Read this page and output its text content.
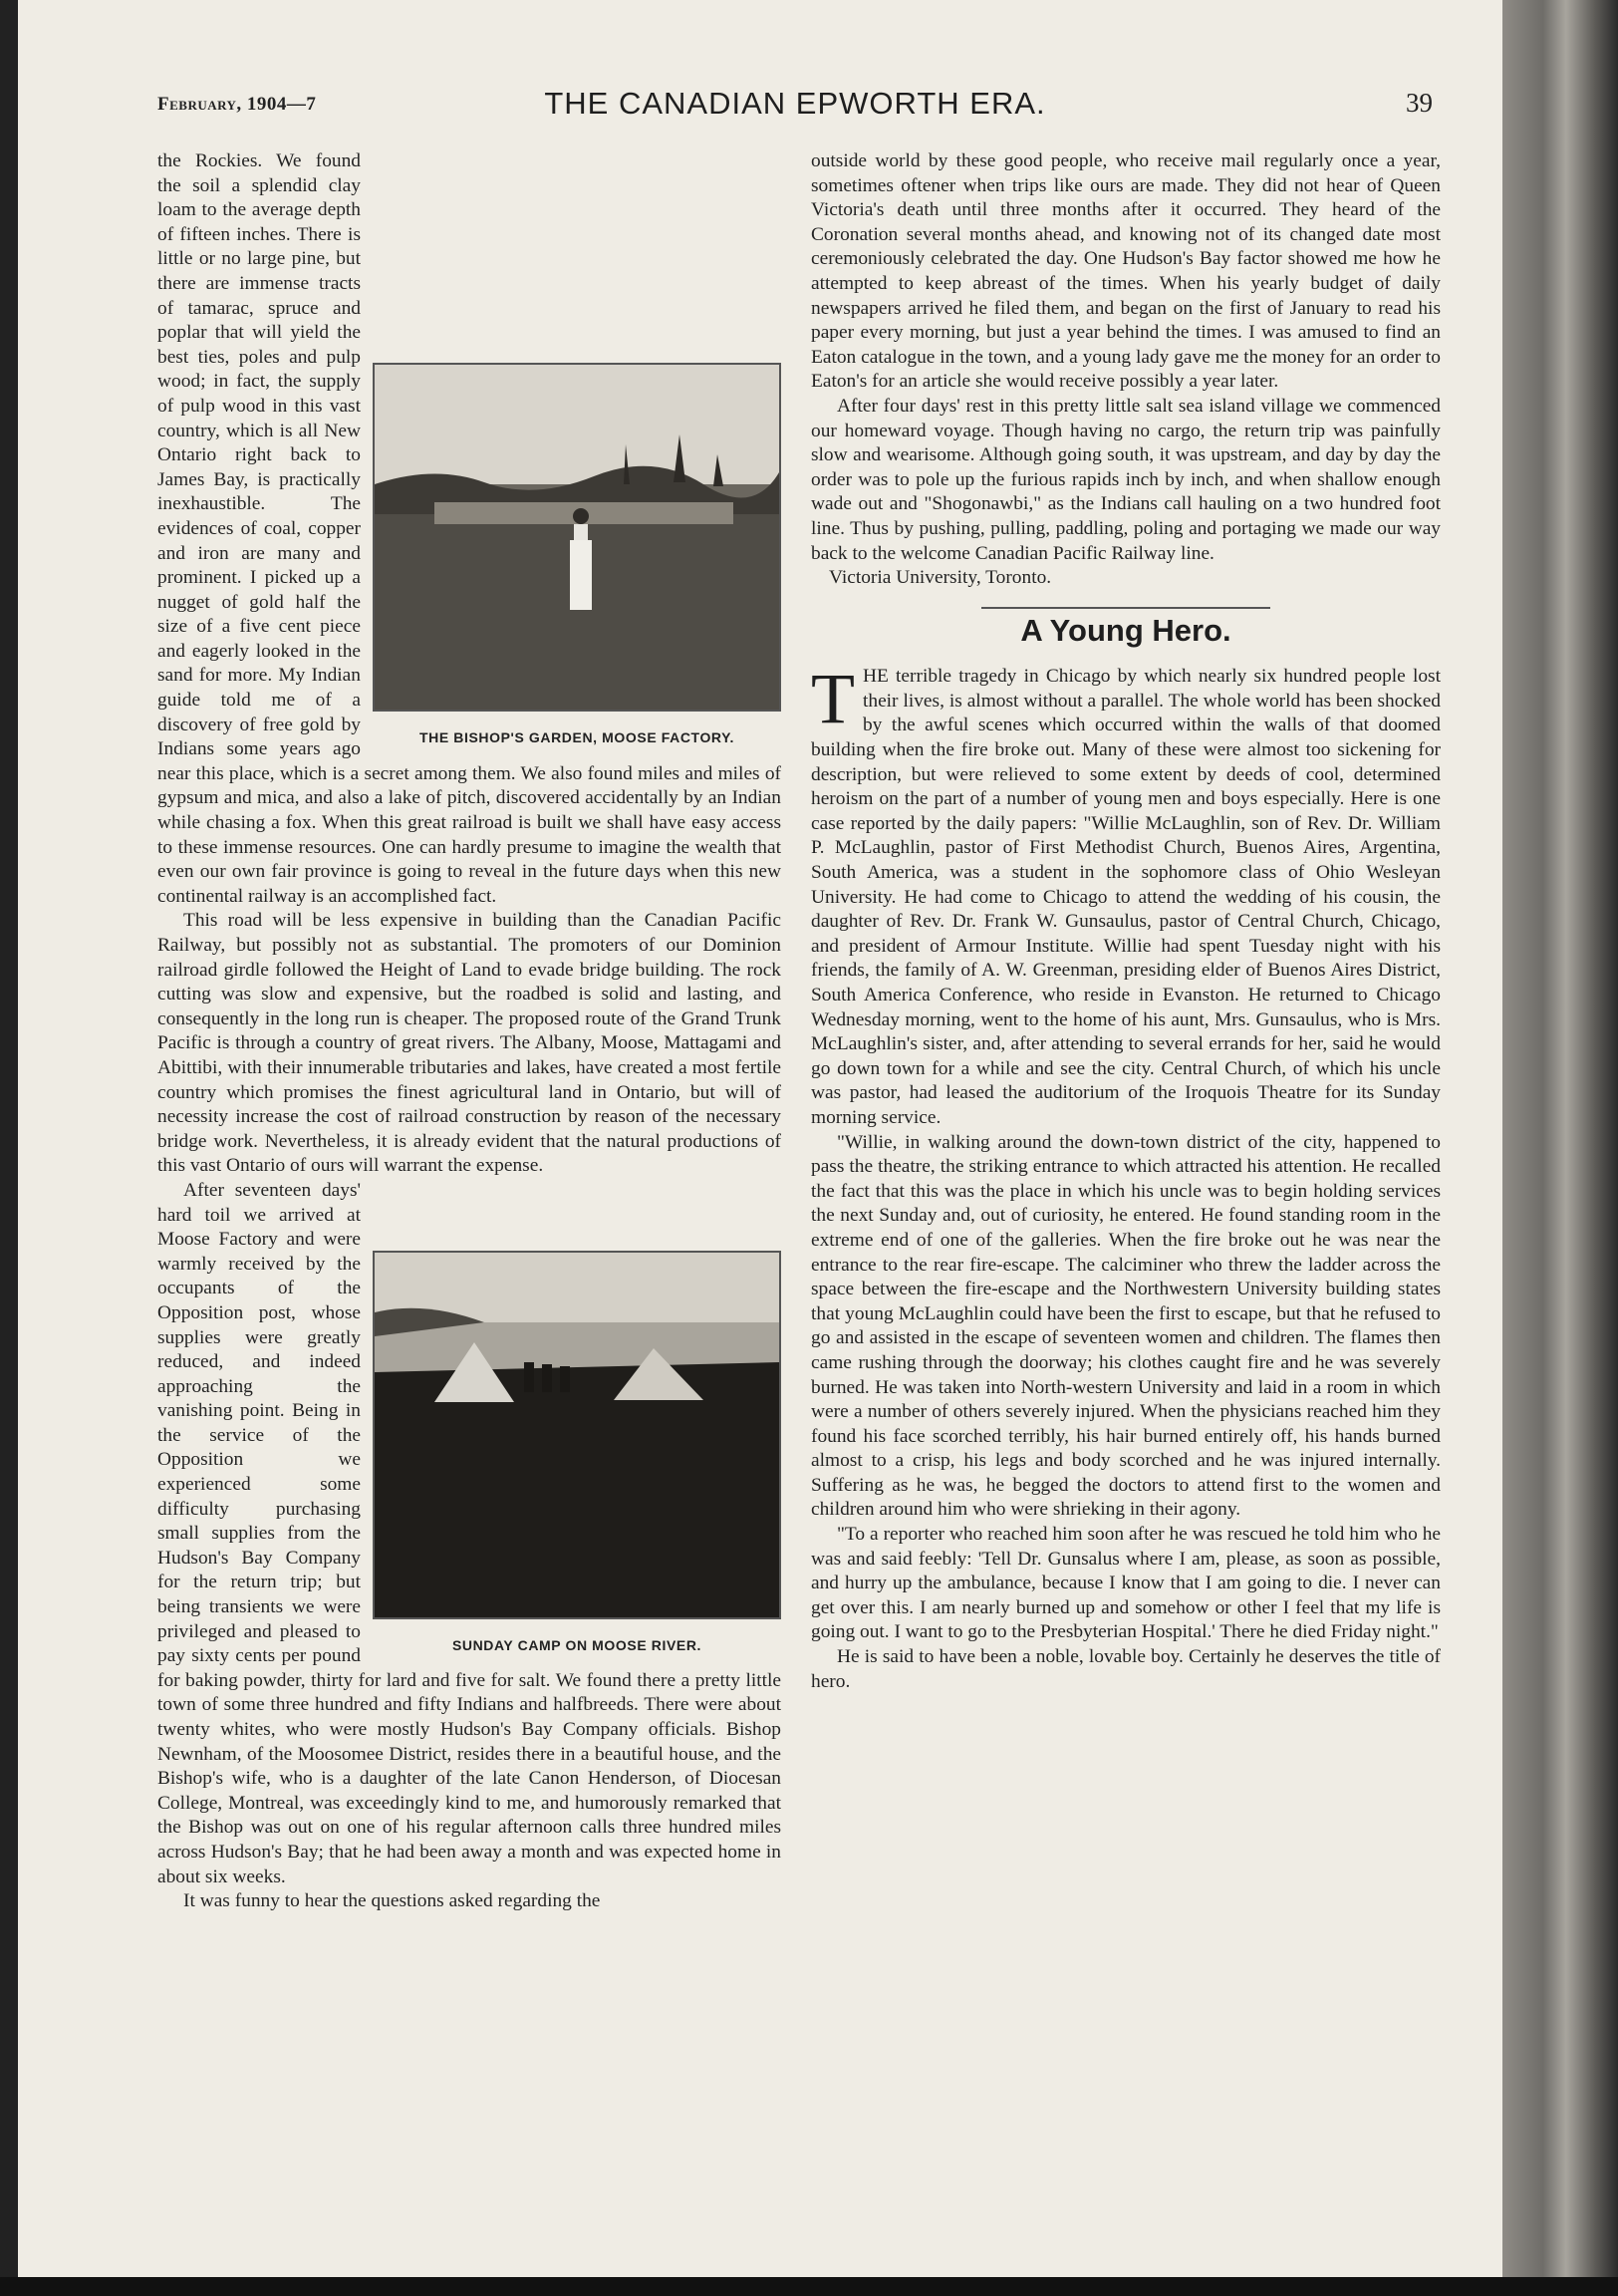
February, 1904—7	THE CANADIAN EPWORTH ERA.	39
THE BISHOP'S GARDEN, MOOSE FACTORY.

the Rockies. We found the soil a splendid clay loam to the average depth of fifteen inches. There is little or no large pine, but there are immense tracts of tamarac, spruce and poplar that will yield the best ties, poles and pulp wood; in fact, the supply of pulp wood in this vast country, which is all New Ontario right back to James Bay, is practically inexhaustible. The evidences of coal, copper and iron are many and prominent. I picked up a nugget of gold half the size of a five cent piece and eagerly looked in the sand for more. My Indian guide told me of a discovery of free gold by Indians some years ago near this place, which is a secret among them. We also found miles and miles of gypsum and mica, and also a lake of pitch, discovered accidentally by an Indian while chasing a fox. When this great railroad is built we shall have easy access to these immense resources. One can hardly presume to imagine the wealth that even our own fair province is going to reveal in the future days when this new continental railway is an accomplished fact.

This road will be less expensive in building than the Canadian Pacific Railway, but possibly not as substantial. The promoters of our Dominion railroad girdle followed the Height of Land to evade bridge building. The rock cutting was slow and expensive, but the roadbed is solid and lasting, and consequently in the long run is cheaper. The proposed route of the Grand Trunk Pacific is through a country of great rivers. The Albany, Moose, Mattagami and Abittibi, with their innumerable tributaries and lakes, have created a most fertile country which promises the finest agricultural land in Ontario, but will of necessity increase the cost of railroad construction by reason of the necessary bridge work. Nevertheless, it is already evident that the natural productions of this vast Ontario of ours will warrant the expense.

SUNDAY CAMP ON MOOSE RIVER.

After seventeen days' hard toil we arrived at Moose Factory and were warmly received by the occupants of the Opposition post, whose supplies were greatly reduced, and indeed approaching the vanishing point. Being in the service of the Opposition we experienced some difficulty purchasing small supplies from the Hudson's Bay Company for the return trip; but being transients we were privileged and pleased to pay sixty cents per pound for baking powder, thirty for lard and five for salt. We found there a pretty little town of some three hundred and fifty Indians and halfbreeds. There were about twenty whites, who were mostly Hudson's Bay Company officials. Bishop Newnham, of the Moosomee District, resides there in a beautiful house, and the Bishop's wife, who is a daughter of the late Canon Henderson, of Diocesan College, Montreal, was exceedingly kind to me, and humorously remarked that the Bishop was out on one of his regular afternoon calls three hundred miles across Hudson's Bay; that he had been away a month and was expected home in about six weeks.

It was funny to hear the questions asked regarding the

outside world by these good people, who receive mail regularly once a year, sometimes oftener when trips like ours are made. They did not hear of Queen Victoria's death until three months after it occurred. They heard of the Coronation several months ahead, and knowing not of its changed date most ceremoniously celebrated the day. One Hudson's Bay factor showed me how he attempted to keep abreast of the times. When his yearly budget of daily newspapers arrived he filed them, and began on the first of January to read his paper every morning, but just a year behind the times. I was amused to find an Eaton catalogue in the town, and a young lady gave me the money for an order to Eaton's for an article she would receive possibly a year later.

After four days' rest in this pretty little salt sea island village we commenced our homeward voyage. Though having no cargo, the return trip was painfully slow and wearisome. Although going south, it was upstream, and day by day the order was to pole up the furious rapids inch by inch, and when shallow enough wade out and "Shogonawbi," as the Indians call hauling on a two hundred foot line. Thus by pushing, pulling, paddling, poling and portaging we made our way back to the welcome Canadian Pacific Railway line.

Victoria University, Toronto.

A Young Hero.

THE terrible tragedy in Chicago by which nearly six hundred people lost their lives, is almost without a parallel. The whole world has been shocked by the awful scenes which occurred within the walls of that doomed building when the fire broke out. Many of these were almost too sickening for description, but were relieved to some extent by deeds of cool, determined heroism on the part of a number of young men and boys especially. Here is one case reported by the daily papers: "Willie McLaughlin, son of Rev. Dr. William P. McLaughlin, pastor of First Methodist Church, Buenos Aires, Argentina, South America, was a student in the sophomore class of Ohio Wesleyan University. He had come to Chicago to attend the wedding of his cousin, the daughter of Rev. Dr. Frank W. Gunsaulus, pastor of Central Church, Chicago, and president of Armour Institute. Willie had spent Tuesday night with his friends, the family of A. W. Greenman, presiding elder of Buenos Aires District, South America Conference, who reside in Evanston. He returned to Chicago Wednesday morning, went to the home of his aunt, Mrs. Gunsaulus, who is Mrs. McLaughlin's sister, and, after attending to several errands for her, said he would go down town for a while and see the city. Central Church, of which his uncle was pastor, had leased the auditorium of the Iroquois Theatre for its Sunday morning service.

"Willie, in walking around the down-town district of the city, happened to pass the theatre, the striking entrance to which attracted his attention. He recalled the fact that this was the place in which his uncle was to begin holding services the next Sunday and, out of curiosity, he entered. He found standing room in the extreme end of one of the galleries. When the fire broke out he was near the entrance to the rear fire-escape. The calciminer who threw the ladder across the space between the fire-escape and the Northwestern University building states that young McLaughlin could have been the first to escape, but that he refused to go and assisted in the escape of seventeen women and children. The flames then came rushing through the doorway; his clothes caught fire and he was severely burned. He was taken into North-western University and laid in a room in which were a number of others severely injured. When the physicians reached him they found his face scorched terribly, his hair burned entirely off, his hands burned almost to a crisp, his legs and body scorched and he was injured internally. Suffering as he was, he begged the doctors to attend first to the women and children around him who were shrieking in their agony.

"To a reporter who reached him soon after he was rescued he told him who he was and said feebly: 'Tell Dr. Gunsalus where I am, please, as soon as possible, and hurry up the ambulance, because I know that I am going to die. I never can get over this. I am nearly burned up and somehow or other I feel that my life is going out. I want to go to the Presbyterian Hospital.' There he died Friday night."

He is said to have been a noble, lovable boy. Certainly he deserves the title of hero.
